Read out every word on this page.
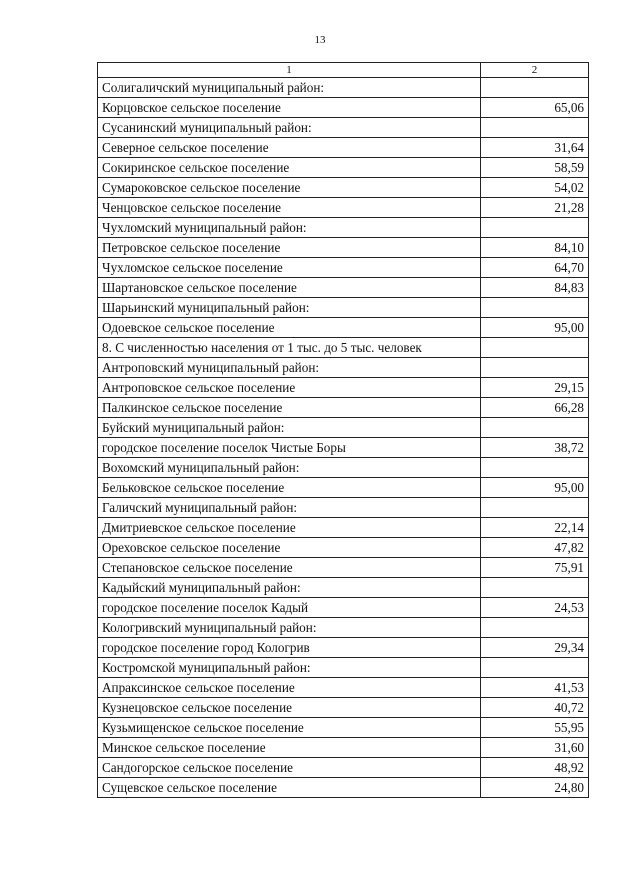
13
1	2
Солигаличский муниципальный район:	
Корцовское сельское поселение	65,06
Сусанинский муниципальный район:	
Северное сельское поселение	31,64
Сокиринское сельское поселение	58,59
Сумароковское сельское поселение	54,02
Ченцовское сельское поселение	21,28
Чухломский муниципальный район:	
Петровское сельское поселение	84,10
Чухломское сельское поселение	64,70
Шартановское сельское поселение	84,83
Шарьинский муниципальный район:	
Одоевское сельское поселение	95,00
8. С численностью населения от 1 тыс. до 5 тыс. человек	
Антроповский муниципальный район:	
Антроповское сельское поселение	29,15
Палкинское сельское поселение	66,28
Буйский муниципальный район:	
городское поселение поселок Чистые Боры	38,72
Вохомский муниципальный район:	
Бельковское сельское поселение	95,00
Галичский муниципальный район:	
Дмитриевское сельское поселение	22,14
Ореховское сельское поселение	47,82
Степановское сельское поселение	75,91
Кадыйский муниципальный район:	
городское поселение поселок Кадый	24,53
Кологривский муниципальный район:	
городское поселение город Кологрив	29,34
Костромской муниципальный район:	
Апраксинское сельское поселение	41,53
Кузнецовское сельское поселение	40,72
Кузьмищенское сельское поселение	55,95
Минское сельское поселение	31,60
Сандогорское сельское поселение	48,92
Сущевское сельское поселение	24,80
